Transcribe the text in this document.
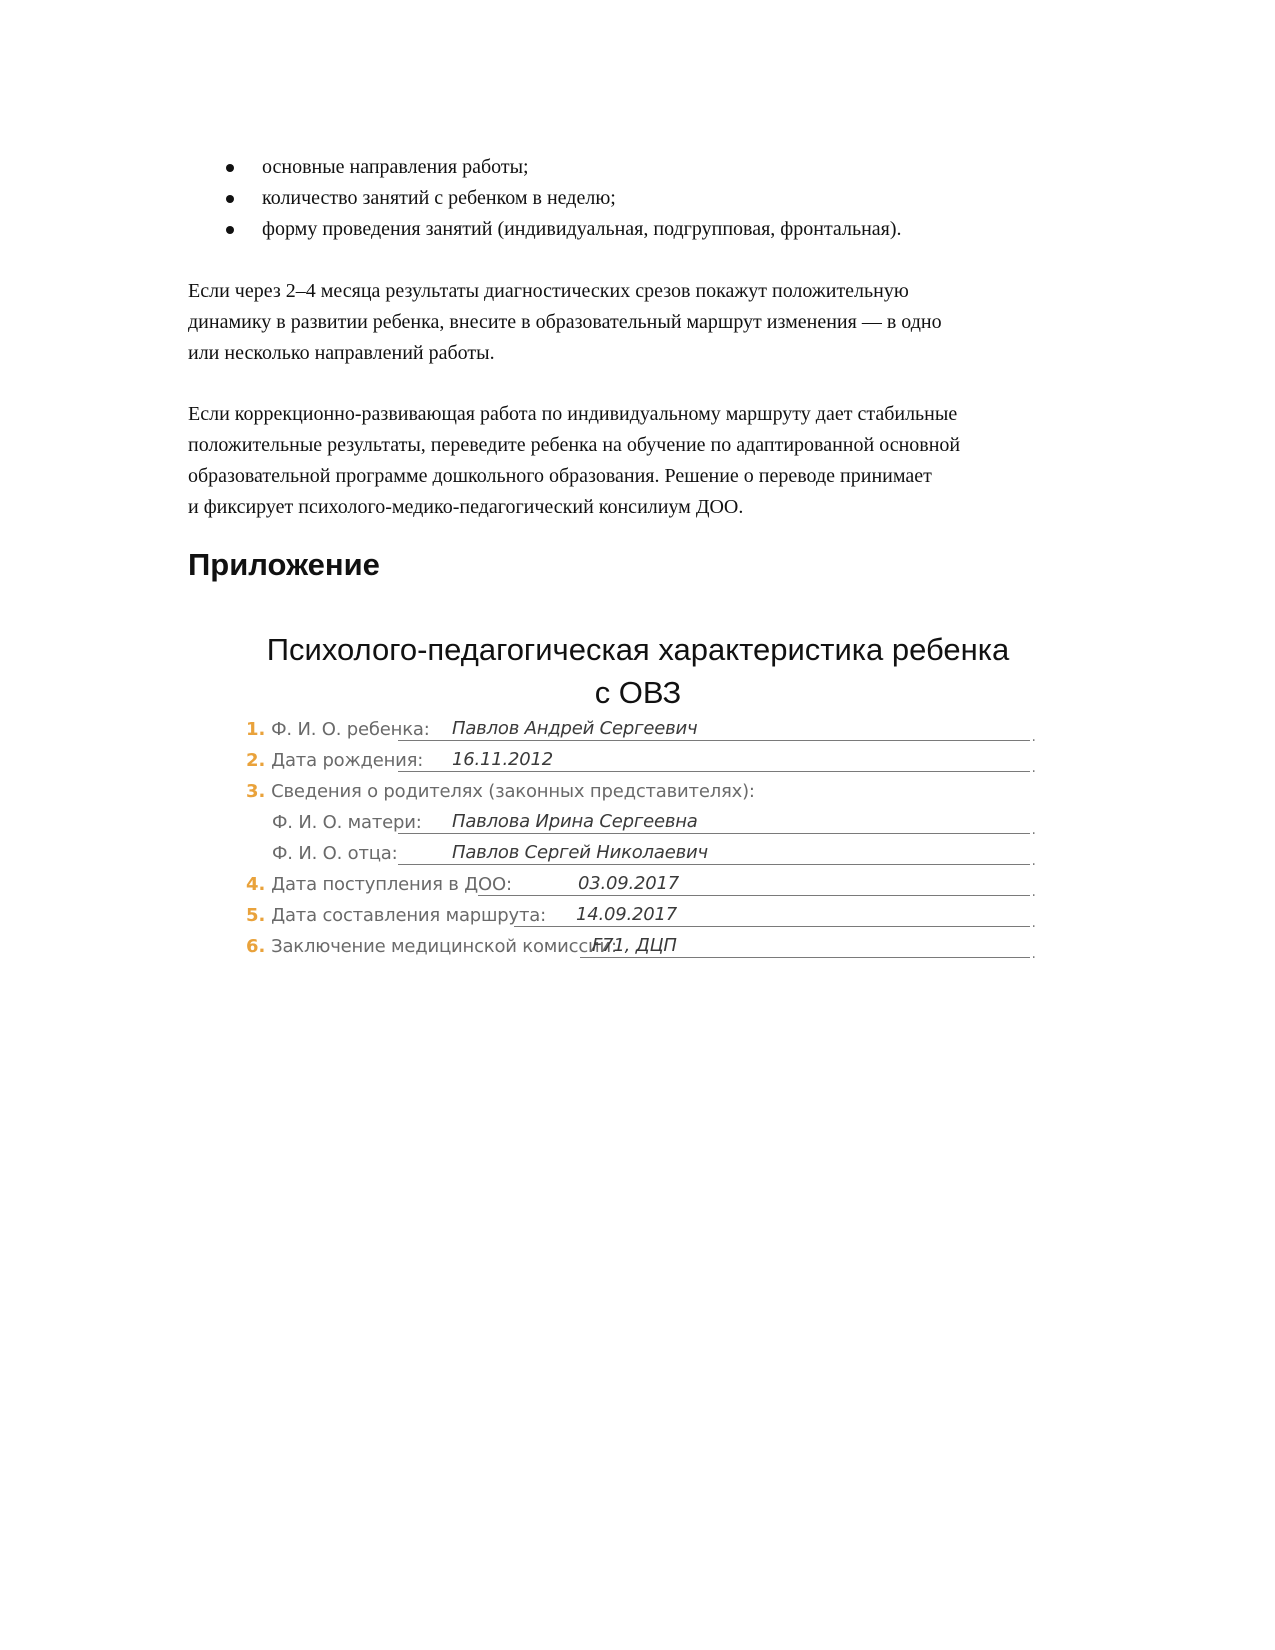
основные направления работы;
количество занятий с ребенком в неделю;
форму проведения занятий (индивидуальная, подгрупповая, фронтальная).

Если через 2–4 месяца результаты диагностических срезов покажут положительную
динамику в развитии ребенка, внесите в образовательный маршрут изменения — в одно
или несколько направлений работы.

Если коррекционно-развивающая работа по индивидуальному маршруту дает стабильные
положительные результаты, переведите ребенка на обучение по адаптированной основной
образовательной программе дошкольного образования. Решение о переводе принимает
и фиксирует психолого-медико-педагогический консилиум ДОО.

Приложение
Психолого-педагогическая характеристика ребенка
с ОВЗ
1. Ф. И. О. ребенка: Павлов Андрей Сергеевич	.
2. Дата рождения: 16.11.2012	.
3. Сведения о родителях (законных представителях):
Ф. И. О. матери: Павлова Ирина Сергеевна	.
Ф. И. О. отца:	Павлов Сергей Николаевич	.
4. Дата поступления в ДОО:	03.09.2017	.
5. Дата составления маршрута: 14.09.2017	.
6. Заключение медицинской комиссии:
F71, ДЦП	.
